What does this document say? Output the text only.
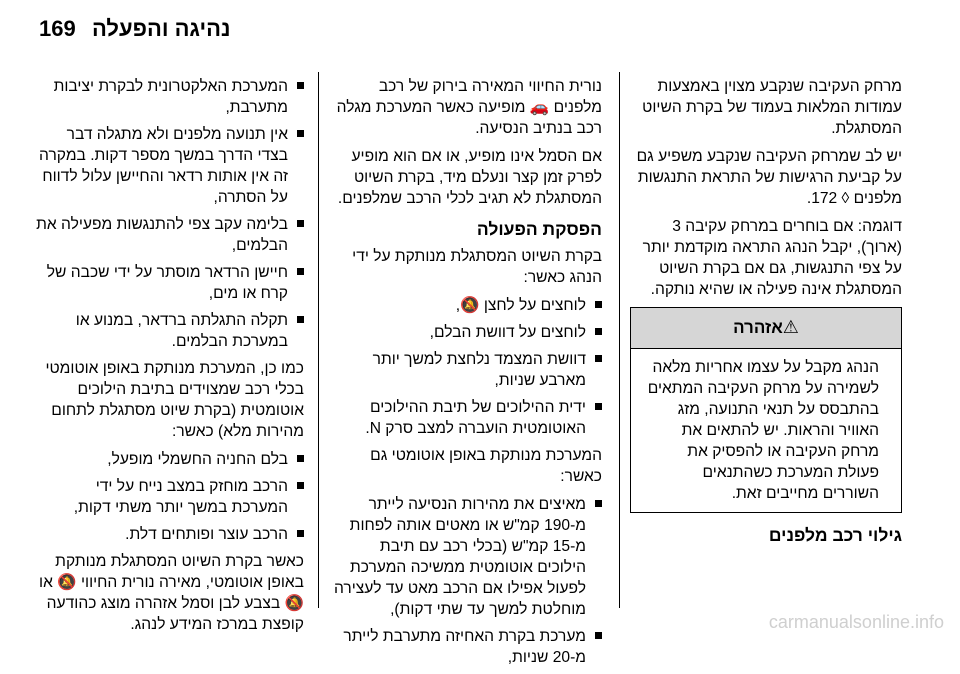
169 נהיגה והפעלה

מרחק העקיבה שנקבע מצוין באמצעות עמודות המלאות בעמוד של בקרת השיוט המסתגלת.

יש לב שמרחק העקיבה שנקבע משפיע גם על קביעת הרגישות של התראת התנגשות מלפנים ◊ 172.

דוגמה: אם בוחרים במרחק עקיבה 3 (ארוך), יקבל הנהג התראה מוקדמת יותר על צפי התנגשות, גם אם בקרת השיוט המסתגלת אינה פעילה או שהיא נותקה.

⚠אזהרה
הנהג מקבל על עצמו אחריות מלאה לשמירה על מרחק העקיבה המתאים בהתבסס על תנאי התנועה, מזג האוויר והראות. יש להתאים את מרחק העקיבה או להפסיק את פעולת המערכת כשהתנאים השוררים מחייבים זאת.
גילוי רכב מלפנים

נורית החיווי המאירה בירוק של רכב מלפנים 🚗 מופיעה כאשר המערכת מגלה רכב בנתיב הנסיעה.

אם הסמל אינו מופיע, או אם הוא מופיע לפרק זמן קצר ונעלם מיד, בקרת השיוט המסתגלת לא תגיב לכלי הרכב שמלפנים.

הפסקת הפעולה

בקרת השיוט המסתגלת מנותקת על ידי הנהג כאשר:

לוחצים על לחצן 🔕,
לוחצים על דוושת הבלם,
דוושת המצמד נלחצת למשך יותר מארבע שניות,
ידית ההילוכים של תיבת ההילוכים האוטומטית הועברה למצב סרק N.

המערכת מנותקת באופן אוטומטי גם כאשר:

מאיצים את מהירות הנסיעה לייתר מ-190 קמ"ש או מאטים אותה לפחות מ-15 קמ"ש (בכלי רכב עם תיבת הילוכים אוטומטית ממשיכה המערכת לפעול אפילו אם הרכב מאט עד לעצירה מוחלטת למשך עד שתי דקות),
מערכת בקרת האחיזה מתערבת לייתר מ-20 שניות,
המערכת האלקטרונית לבקרת יציבות מתערבת,
אין תנועה מלפנים ולא מתגלה דבר בצדי הדרך במשך מספר דקות. במקרה זה אין אותות רדאר והחיישן עלול לדווח על הסתרה,
בלימה עקב צפי להתנגשות מפעילה את הבלמים,
חיישן הרדאר מוסתר על ידי שכבה של קרח או מים,
תקלה התגלתה ברדאר, במנוע או במערכת הבלמים.

כמו כן, המערכת מנותקת באופן אוטומטי בכלי רכב שמצוידים בתיבת הילוכים אוטומטית (בקרת שיוט מסתגלת לתחום מהירות מלא) כאשר:

בלם החניה החשמלי מופעל,
הרכב מוחזק במצב נייח על ידי המערכת במשך יותר משתי דקות,
הרכב עוצר ופותחים דלת.

כאשר בקרת השיוט המסתגלת מנותקת באופן אוטומטי, מאירה נורית החיווי 🔕 או 🔕 בצבע לבן וסמל אזהרה מוצג כהודעה קופצת במרכז המידע לנהג.	carmanualsonline.info
